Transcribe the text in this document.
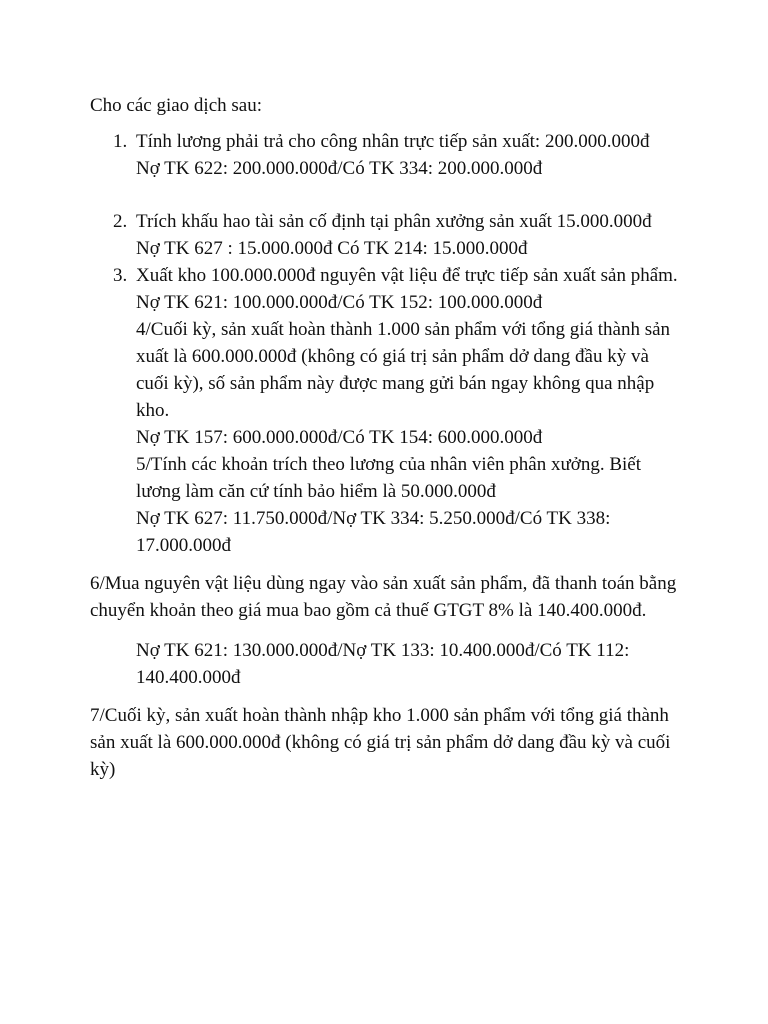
Cho các giao dịch sau:

1. Tính lương phải trả cho công nhân trực tiếp sản xuất: 200.000.000đ
Nợ TK 622: 200.000.000đ/Có TK 334: 200.000.000đ
2. Trích khấu hao tài sản cố định tại phân xưởng sản xuất 15.000.000đ
Nợ TK 627 : 15.000.000đ Có TK 214: 15.000.000đ
3. Xuất kho 100.000.000đ nguyên vật liệu để trực tiếp sản xuất sản phẩm.
Nợ TK 621: 100.000.000đ/Có TK 152: 100.000.000đ
4/Cuối kỳ, sản xuất hoàn thành 1.000 sản phẩm với tổng giá thành sản xuất là 600.000.000đ (không có giá trị sản phẩm dở dang đầu kỳ và cuối kỳ), số sản phẩm này được mang gửi bán ngay không qua nhập kho.
Nợ TK 157: 600.000.000đ/Có TK 154: 600.000.000đ
5/Tính các khoản trích theo lương của nhân viên phân xưởng. Biết lương làm căn cứ tính bảo hiểm là 50.000.000đ
Nợ TK 627: 11.750.000đ/Nợ TK 334: 5.250.000đ/Có TK 338: 17.000.000đ

6/Mua nguyên vật liệu dùng ngay vào sản xuất sản phẩm, đã thanh toán bằng chuyển khoản theo giá mua bao gồm cả thuế GTGT 8% là 140.400.000đ.

Nợ TK 621: 130.000.000đ/Nợ TK 133: 10.400.000đ/Có TK 112: 140.400.000đ

7/Cuối kỳ, sản xuất hoàn thành nhập kho 1.000 sản phẩm với tổng giá thành sản xuất là 600.000.000đ (không có giá trị sản phẩm dở dang đầu kỳ và cuối kỳ)
